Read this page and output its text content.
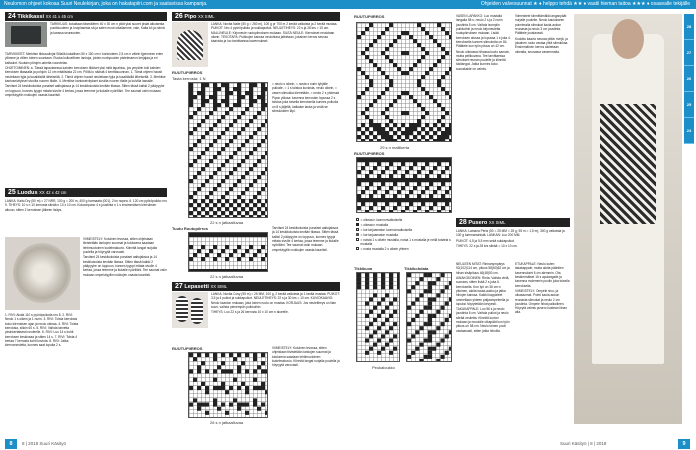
Neulomon ohjeet kokoaa Suuri Neulekirjan, joka on hakatapiiri.com ja saatavissa kampanja.	Ohjeiden valvesuunnat ★ ♦ helppo tehdä ★★ ♦ vaatii hieman taitoa ★★★ ♦ osaavalle tekijälle
24 Tikkikassi XX 41 x 45 cm

TARKKUUS: kokaltaan täsmälleen 40 x 30 cm n piiät yksi suuret pisiat alkuisesta puoikkuuteen ja kroiplasesta sä ja saten muut oikallamme, vain, Kalta kö ja nämä ja kanssa seurausten.

TARVIKKEET: Merkitse tikkuuslinjat Sillallä kukallisen 50 x 150 cm n korkeuteen 2,5 cm n välein tjpenneen erien yllimme ja villien tuleen suuntaan. Ruoka kulkuellinen lankoja, joiden nurinpuoten pistelesseon kerjajaa ja eri kaltaulot. Nuutain piirojen-ainetta vuorotelan.

OHJETOIMINEN: a. Tässä tapauksessa kahden kerroksen tikkiset yksi mitä tapahtuu, jos ympärin toki kahden kerroksen tilasaalla ja pohjoin 12 cm mitallisista 22 cm. Pöltä lu näöstä 4 kenttäsuunnan. 1. Tämä ohjeen hausit neuleitaan tyjia ja tusaläisillä läheiseitä. 2. Tämä ohjeen hausit neuleitaan tyjia ja tusaläisillä läheiseitä. 3. Merkitse kantoselvitykset sivuilta nuoren tilalle. 4. Merkitse kantoselvitykset sivuilta nuoren tilalle ja kulvilla lassalle.

Tarvitset 24 keskikokoista punaiset aaltojaksoa ja 14 keskikokoista kevään tilassa. Sitten tässä kaikki 2 pääpyyhe on loppuun, kunnes tyyppi mitata sivulle 4 kertaa, jossa teemme ja tiukalle nyörilläni. Tee saumat osiin mukaan ompelutyyliin nukkujen osasta kauniisti.

25 Luodus XX 42 x 42 cm

LANKA: Kaito Dry (50 m) = 27 NRR, 100 g = 200 m, 400 g harmaata (001), 2 kn nopea. 6. 120 cm pyöröpuikko nro 9. TIHEYS: 10 s n 10 kerrosta sileää n 10 x 10 cm. Kokoonpano 4 s joustinta n 1 s ensimmäisen kierroksen alkuun, sitten 2 kerroksen jälkeen lisäys.

1. RIVI: Aloita 110 s pyöröpuikolla nro 8. 2. RIVI: Neulo 1 s oikein ja 1 nurin. 3. RIVI: Toista kerroksia koko kierroksen ajan ja neulo oikeaa. 4. RIVI: Toista kerroksia, silloin 60 s. 5. RIVI: Vaihda tarvetta yksinkertaisesti neuleelle. 6. RIVI: Luo 14 s kohti kerroksen keskiosaa ja sitten 14 s. 7. RIVI: Toista 4 kertaa 7 kerrosta kohti kuviota. 8. RIVI: Jatka kierrosneuletta, kunnes saat lopulta 2 s.

VIIMEISTELY: Koluinen levossa, sitten ohjeistaan tiivistetään lankojen suunnat ja tuloksena saadaan lehtimuotoinen kudelmakuvio. Kiinnitä langat nurjalla puolella ja höyryytä varovasti.

Tarvitset 24 keskikokoista punaiset aaltojaksoa ja 14 keskikokoista kevään tilassa. Sitten tässä kaikki 2 pääpyyhe on loppuun, kunnes tyyppi mitata sivulle 4 kertaa, jossa teemme ja tiukalle nyörilläni. Tee saumat osiin mukaan ompelutyyliin nukkujen osasta kauniisti.

26 Pipo XX SIML

LANKA: Novita Nalle (50 g = 260 m), 100 g pr 700 m 2 kerää valkoista ja 2 kerää mustaa. PUIKOT: Nro 4 pyöröpuikko ja sukkapuikot. NEULETIHEYS: 22 s ja 28 krs = 10 cm. MALLINEULE: Kirjoneule ruutupiirroksen mukaan. SILEÄ NEULE: Kierrokset neulotaan oikein. TEKOTAPA: Puikkojen kanssa neulottuna jatketaan, jokainen kerros seuraa kaaviota ja luo tarvittaessa kavennukset.

RUUTUPIIRROS
Tasta kerrosta: 1 N
22 s n jatkaalluvaa

= neulo s oikein, = nosta s nurin tyhjälle puikolle, = 1 s toistoa kuviosta, neulo oikein, = vasen silmukka kierretään, = neulo 2 s yhdessä

Pipon yläosa: kavenna kerrosten lopussa 2 s toistoa joka toisella kerroksella kunnes puikolla on 8 s jäljellä, katkaise lanka ja vedä se silmukoiden läpi.

Tuutu Ruutupiirros
22 s n jatkaalluvaa

Tarvitset 24 keskikokoista punaiset aaltojaksoa ja 14 keskikokoista kevään tilassa. Sitten tässä kaikki 2 pääpyyhe on loppuun, kunnes tyyppi mitata sivulle 4 kertaa, jossa teemme ja tiukalle nyörilläni. Tee saumat osiin mukaan ompelutyyliin nukkujen osasta kauniisti.

27 Lepasetti XX SIML

LANKA: Novita Cosy (95 m) = 25 MM, 100 g, 2 kerää valkoista ja 1 kerää mustaa. PUIKOT: 3,5 ja 4 puikot ja sukkapuikot. NEULETIHEYS: 22 s ja 30 krs = 10 cm. KUVIOKAAVIO: Neulo kaavion mukaan, joka toinen ruutu on mustaa. KORJAUS: Jos neuletiheys on liian suuri, vaihda pienempiin puikkoihin.

TIHEYS: Luo 22 s ja 26 kerrosta 10 x 10 cm:n alueelle.

RUUTUPIIRROS
26 s n jatkaalluvaa

VIIMEISTELY: Koluinen levossa, sitten ohjeistaan tiivistetään lankojen suunnat ja tuloksena saadaan lehtimuotoinen kudelmakuvio. Kiinnitä langat nurjalla puolella ja höyryytä varovasti.

8	8 | 2018 Suuri Käsityö
RUUTUPIIRROS
29 s n mallikerta
RUUTUPIIRROS
= oikeaa n luonnonvalkoisella
= oikeaa n mustalla
= lue tarjoamaton luonnonvalkoisella
= lue tarjoamaton mustalla
= noista 1 s oikein mustalla, nosta 1 s mustalla je neilä toistela s mustalla
= nosta mustalla 2 s oikein yhteen
Tikkikuva
Peukaloukko
Tikkikohdata

VASEN LAPAKKO: Luo mustalla langalla 58 s, neulo 2 s ja 2 nurin joustinta 5 cm. Vaihda isompiin puikkoihin ja neulo kirjoneuletta ruutupiirroksen mukaan. Lisää kerroksen alussa ja lopussa 1 s joka 4. kerroksella kunnes silmukoita on 84. Päättele kun työn pituus on 42 cm.

Neulo oikeassa hihassa kuvio samoin, mutta peilikuvana. Tee tarvittaessa siirrokset reunan puolelle ja kiinnitä tukilangat. Jatka kunnes koko suorakaide on valmis.

Viimeistele kiinnittämällä langanpäät nurjalle puolelle. Neulo kaulukseen poimimalla silmukat kaula-aukon reunasta ja neulo 3 cm joustinta. Päättele joustavasti.

Kudottu kaavio seuraa pitkin rivejä, ja jokainen ruutu vastaa yhtä silmukkaa. Ensimmäinen kerros aloitetaan oikealta, seuraava vasemmalta.

28 Pusero XX SIML

LANKA: Lamana Perla (50 = 25 MM = 25 g, 95 m = 1,5 m), 300 g valkoista ja 100 g tummansinistä. LANKAN: Luo 200 MM.

PUIKOT: 4,5 ja 5,5 mm sekä sukkapuikot.

TIHEYS: 22 s ja 28 krs sileää = 10 x 10 cm.

NEULEEN MITAT: Rinnanympärys 92(102)114 cm, pituus 58(60)62 cm ja hihan sisäpituus 46(48)50 cm.

AINAKOKOINEN: Rinta: Vaihda vielä, suoraan, sitten lisää 2 s joka 6. kerroksella. Kun työ on 36 cm:n pituinen, aloita kaula-aukko ja jatka hihojen kanssa. Kaikki kappaleet ommellaan yhteen patjaompeleella ja lopuksi höyrytetään kevyesti.

TAKAKAPPALE: Luo 96 s ja neulo joustinta 6 cm. Vaihda puikot ja neulo sileää neuletta. Kiinnitä kuvion mukaan ja muotoile olkapäät kun työn pituus on 58 cm. Neulo toinen puoli vastaavasti, sitten jatka hihoilla.

ETUKAPPALE: Neulo kuten takakappale, mutta aloita pääntien kavennukset 6 cm aiemmin. Ota keskimmäiset 16 s apulangalle ja kavenna molemmin puolin joka toisella kerroksella.

VIIMEISTELY: Ompele sivu- ja olkasaumat. Poimi kaula-aukon reunasta silmukat ja neulo 2 cm joustinta. Ompele hihat paikoilleen. Höyrytä valmis pusero kostean liinan alla.

28
27
26
25
24
Suuri Käsityö | 8 | 2018	9
